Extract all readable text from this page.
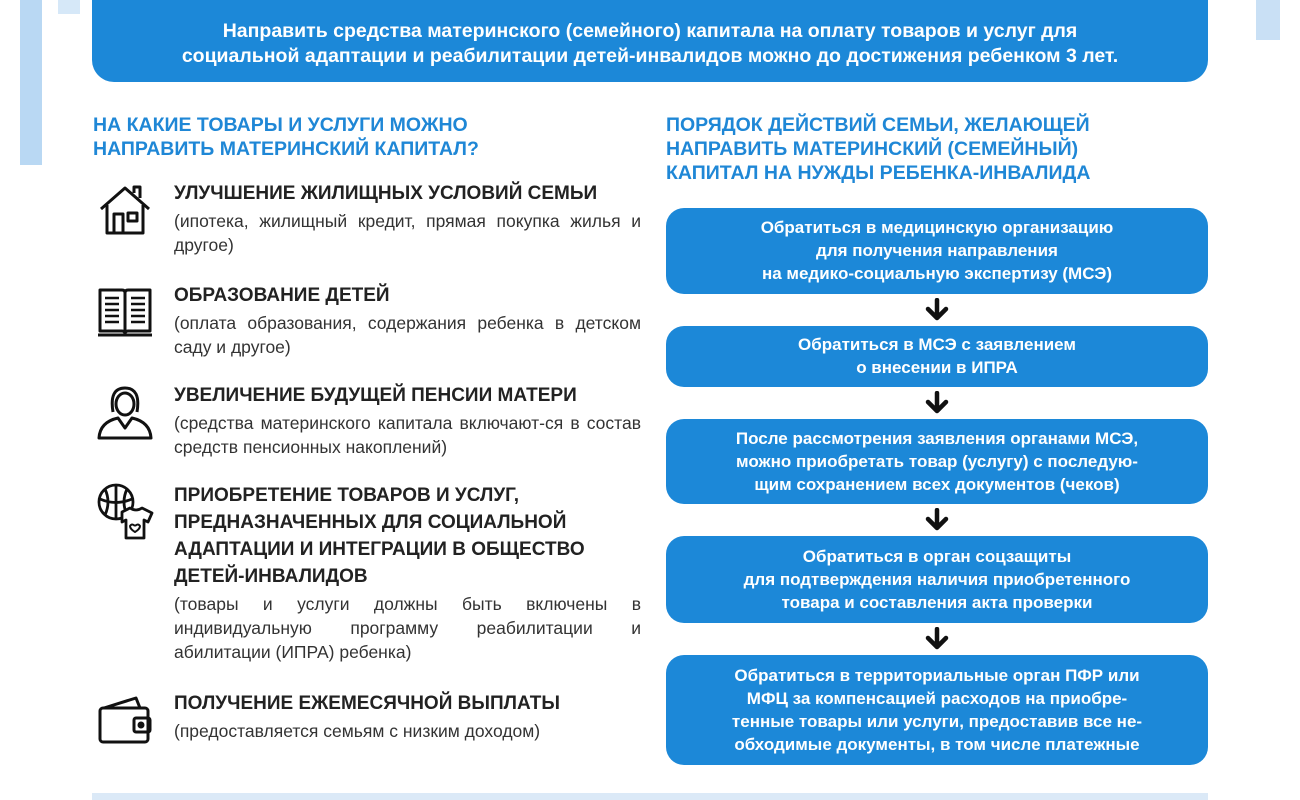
Направить средства материнского (семейного) капитала на оплату товаров и услуг для
социальной адаптации и реабилитации детей-инвалидов можно до достижения ребенком 3 лет.
НА КАКИЕ ТОВАРЫ И УСЛУГИ МОЖНО
НАПРАВИТЬ МАТЕРИНСКИЙ КАПИТАЛ?
ПОРЯДОК ДЕЙСТВИЙ СЕМЬИ, ЖЕЛАЮЩЕЙ
НАПРАВИТЬ МАТЕРИНСКИЙ (СЕМЕЙНЫЙ)
КАПИТАЛ НА НУЖДЫ РЕБЕНКА-ИНВАЛИДА
УЛУЧШЕНИЕ ЖИЛИЩНЫХ УСЛОВИЙ СЕМЬИ
(ипотека, жилищный кредит, прямая покупка жилья и другое)
ОБРАЗОВАНИЕ ДЕТЕЙ
(оплата образования, содержания ребенка в детском саду и другое)
УВЕЛИЧЕНИЕ БУДУЩЕЙ ПЕНСИИ МАТЕРИ
(средства материнского капитала включают-ся в состав средств пенсионных накоплений)
ПРИОБРЕТЕНИЕ ТОВАРОВ И УСЛУГ, ПРЕДНАЗНАЧЕННЫХ ДЛЯ СОЦИАЛЬНОЙ АДАПТАЦИИ И ИНТЕГРАЦИИ В ОБЩЕСТВО ДЕТЕЙ-ИНВАЛИДОВ
(товары и услуги должны быть включены в индивидуальную программу реабилитации и абилитации (ИПРА) ребенка)
ПОЛУЧЕНИЕ ЕЖЕМЕСЯЧНОЙ ВЫПЛАТЫ
(предоставляется семьям с низким доходом)
Обратиться в медицинскую организацию
для получения направления
на медико-социальную экспертизу (МСЭ)
Обратиться в МСЭ с заявлением
о внесении в ИПРА
После рассмотрения заявления органами МСЭ,
можно приобретать товар (услугу) с последую-
щим сохранением всех документов (чеков)
Обратиться в орган соцзащиты
для подтверждения наличия приобретенного
товара и составления акта проверки
Обратиться в территориальные орган ПФР или
МФЦ за компенсацией расходов на приобре-
тенные товары или услуги, предоставив все не-
обходимые документы, в том числе платежные
